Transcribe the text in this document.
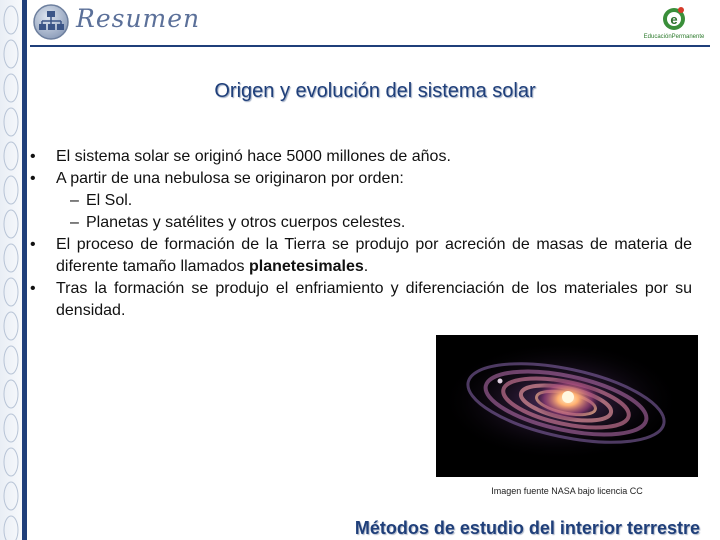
Resumen	e
EducaciónPermanente
Origen y evolución del sistema solar
• El sistema solar se originó hace 5000 millones de años.
• A partir de una nebulosa se originaron por orden:
– El Sol.
– Planetas y satélites y otros cuerpos celestes.
• El proceso de formación de la Tierra se produjo por acreción de masas de materia de diferente tamaño llamados planetesimales.
• Tras la formación se produjo el enfriamiento y diferenciación de los materiales por su densidad.
Imagen fuente NASA bajo licencia CC
Métodos de estudio del interior terrestre
